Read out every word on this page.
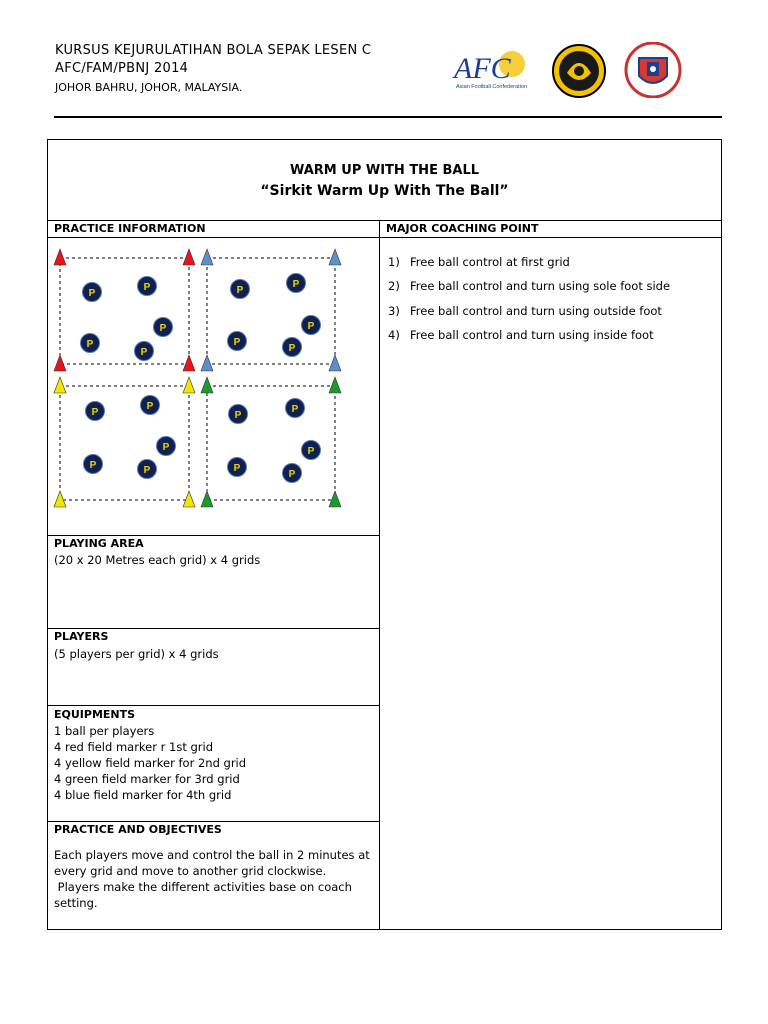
KURSUS KEJURULATIHAN BOLA SEPAK LESEN C
AFC/FAM/PBNJ 2014
JOHOR BAHRU, JOHOR, MALAYSIA.
AFC
Asian Football Confederation
WARM UP WITH THE BALL
“Sirkit Warm Up With The Ball”
PRACTICE INFORMATION	MAJOR COACHING POINT
P
P
P
P
P
P
P
P
P
P
P
P
P
P	P
P
P
P
P
P
1) Free ball control at first grid
2) Free ball control and turn using sole foot side
3) Free ball control and turn using outside foot
4) Free ball control and turn using inside foot
PLAYING AREA
(20 x 20 Metres each grid) x 4 grids
PLAYERS
(5 players per grid) x 4 grids
EQUIPMENTS
1 ball per players
4 red field marker r 1st grid
4 yellow field marker for 2nd grid
4 green field marker for 3rd grid
4 blue field marker for 4th grid
PRACTICE AND OBJECTIVES
Each players move and control the ball in 2 minutes at
every grid and move to another grid clockwise.
Players make the different activities base on coach
setting.
